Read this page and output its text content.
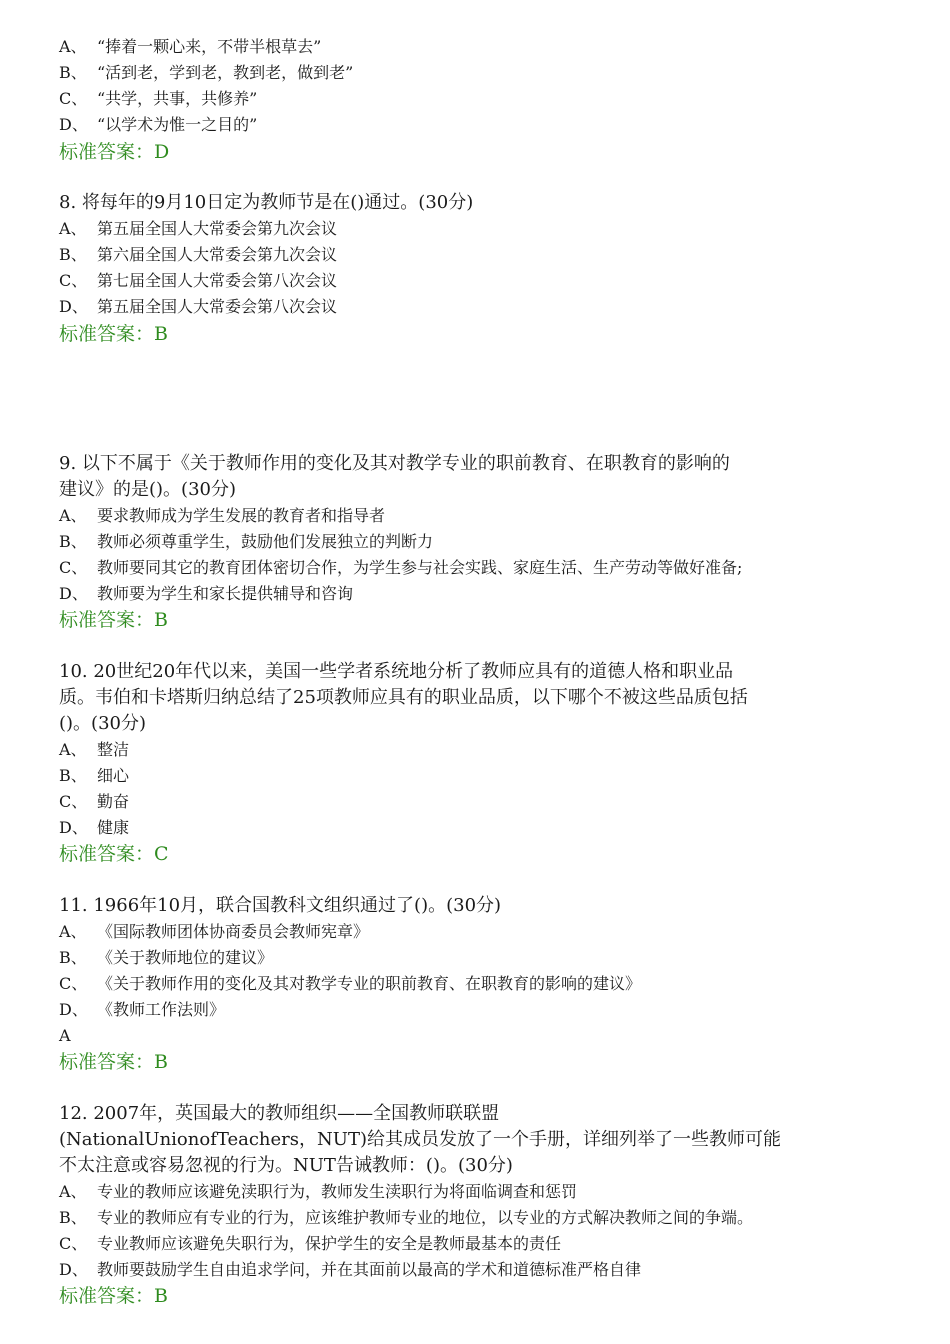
A、 “捧着一颗心来，不带半根草去”
B、 “活到老，学到老，教到老，做到老”
C、 “共学，共事，共修养”
D、 “以学术为惟一之目的”
标准答案：D
8. 将每年的9月10日定为教师节是在()通过。(30分)
A、 第五届全国人大常委会第九次会议
B、 第六届全国人大常委会第九次会议
C、 第七届全国人大常委会第八次会议
D、 第五届全国人大常委会第八次会议
标准答案：B
9. 以下不属于《关于教师作用的变化及其对教学专业的职前教育、在职教育的影响的
建议》的是()。(30分)
A、 要求教师成为学生发展的教育者和指导者
B、 教师必须尊重学生，鼓励他们发展独立的判断力
C、 教师要同其它的教育团体密切合作，为学生参与社会实践、家庭生活、生产劳动等做好准备;
D、 教师要为学生和家长提供辅导和咨询
标准答案：B
10. 20世纪20年代以来，美国一些学者系统地分析了教师应具有的道德人格和职业品
质。韦伯和卡塔斯归纳总结了25项教师应具有的职业品质，以下哪个不被这些品质包括
()。(30分)
A、 整洁
B、 细心
C、 勤奋
D、 健康
标准答案：C
11. 1966年10月，联合国教科文组织通过了()。(30分)
A、 《国际教师团体协商委员会教师宪章》
B、 《关于教师地位的建议》
C、 《关于教师作用的变化及其对教学专业的职前教育、在职教育的影响的建议》
D、 《教师工作法则》
A
标准答案：B
12. 2007年，英国最大的教师组织——全国教师联联盟
(NationalUnionofTeachers，NUT)给其成员发放了一个手册，详细列举了一些教师可能
不太注意或容易忽视的行为。NUT告诫教师：()。(30分)
A、 专业的教师应该避免渎职行为，教师发生渎职行为将面临调查和惩罚
B、 专业的教师应有专业的行为，应该维护教师专业的地位，以专业的方式解决教师之间的争端。
C、 专业教师应该避免失职行为，保护学生的安全是教师最基本的责任
D、 教师要鼓励学生自由追求学问，并在其面前以最高的学术和道德标准严格自律
标准答案：B
